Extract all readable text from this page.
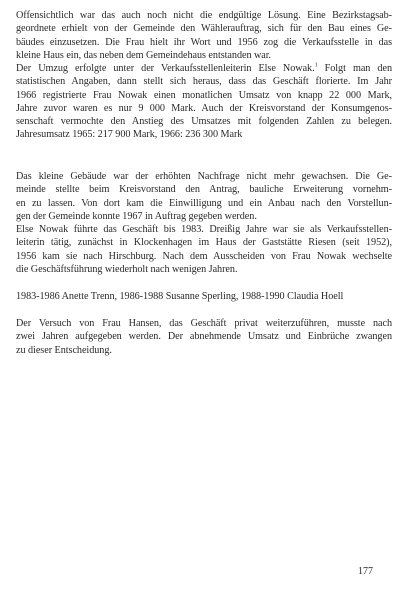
Offensichtlich war das auch noch nicht die endgültige Lösung. Eine Bezirkstagsab-
geordnete erhielt von der Gemeinde den Wählerauftrag, sich für den Bau eines Ge-
bäudes einzusetzen. Die Frau hielt ihr Wort und 1956 zog die Verkaufsstelle in das
kleine Haus ein, das neben dem Gemeindehaus entstanden war.
Der Umzug erfolgte unter der Verkaufsstellenleiterin Else Nowak.$^1$ Folgt man den
statistischen Angaben, dann stellt sich heraus, dass das Geschäft florierte. Im Jahr
1966 registrierte Frau Nowak einen monatlichen Umsatz von knapp 22 000 Mark,
Jahre zuvor waren es nur 9 000 Mark. Auch der Kreisvorstand der Konsumgenos-
senschaft vermochte den Anstieg des Umsatzes mit folgenden Zahlen zu belegen.
Jahresumsatz 1965: 217 900 Mark, 1966: 236 300 Mark
Das kleine Gebäude war der erhöhten Nachfrage nicht mehr gewachsen. Die Ge-
meinde stellte beim Kreisvorstand den Antrag, bauliche Erweiterung vornehm-
en zu lassen. Von dort kam die Einwilligung und ein Anbau nach den Vorstellun-
gen der Gemeinde konnte 1967 in Auftrag gegeben werden.
Else Nowak führte das Geschäft bis 1983. Dreißig Jahre war sie als Verkaufsstellen-
leiterin tätig, zunächst in Klockenhagen im Haus der Gaststätte Riesen (seit 1952),
1956 kam sie nach Hirschburg. Nach dem Ausscheiden von Frau Nowak wechselte
die Geschäftsführung wiederholt nach wenigen Jahren.
1983-1986 Anette Trenn, 1986-1988 Susanne Sperling, 1988-1990 Claudia Hoell
Der Versuch von Frau Hansen, das Geschäft privat weiterzuführen, musste nach
zwei Jahren aufgegeben werden. Der abnehmende Umsatz und Einbrüche zwangen
zu dieser Entscheidung.
177
